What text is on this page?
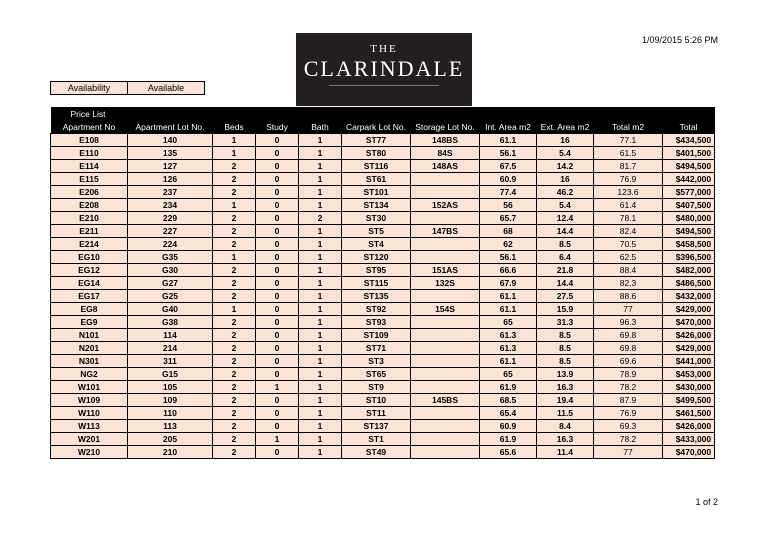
THE
CLARINDALE
1/09/2015 5:26 PM
Availability	Available
Price List										
Apartment No	Apartment Lot No.	Beds	Study	Bath	Carpark Lot No.	Storage Lot No.	Int. Area m2	Ext. Area m2	Total m2	Total
E108	140	1	0	1	ST77	148BS	61.1	16	77.1	$434,500
E110	135	1	0	1	ST80	84S	56.1	5.4	61.5	$401,500
E114	127	2	0	1	ST116	148AS	67.5	14.2	81.7	$494,500
E115	126	2	0	1	ST61		60.9	16	76.9	$442,000
E206	237	2	0	1	ST101		77.4	46.2	123.6	$577,000
E208	234	1	0	1	ST134	152AS	56	5.4	61.4	$407,500
E210	229	2	0	2	ST30		65.7	12.4	78.1	$480,000
E211	227	2	0	1	ST5	147BS	68	14.4	82.4	$494,500
E214	224	2	0	1	ST4		62	8.5	70.5	$458,500
EG10	G35	1	0	1	ST120		56.1	6.4	62.5	$396,500
EG12	G30	2	0	1	ST95	151AS	66.6	21.8	88.4	$482,000
EG14	G27	2	0	1	ST115	132S	67.9	14.4	82.3	$486,500
EG17	G25	2	0	1	ST135		61.1	27.5	88.6	$432,000
EG8	G40	1	0	1	ST92	154S	61.1	15.9	77	$429,000
EG9	G38	2	0	1	ST93		65	31.3	96.3	$470,000
N101	114	2	0	1	ST109		61.3	8.5	69.8	$426,000
N201	214	2	0	1	ST71		61.3	8.5	69.8	$429,000
N301	311	2	0	1	ST3		61.1	8.5	69.6	$441,000
NG2	G15	2	0	1	ST65		65	13.9	78.9	$453,000
W101	105	2	1	1	ST9		61.9	16.3	78.2	$430,000
W109	109	2	0	1	ST10	145BS	68.5	19.4	87.9	$499,500
W110	110	2	0	1	ST11		65.4	11.5	76.9	$461,500
W113	113	2	0	1	ST137		60.9	8.4	69.3	$426,000
W201	205	2	1	1	ST1		61.9	16.3	78.2	$433,000
W210	210	2	0	1	ST49		65.6	11.4	77	$470,000
1 of 2
